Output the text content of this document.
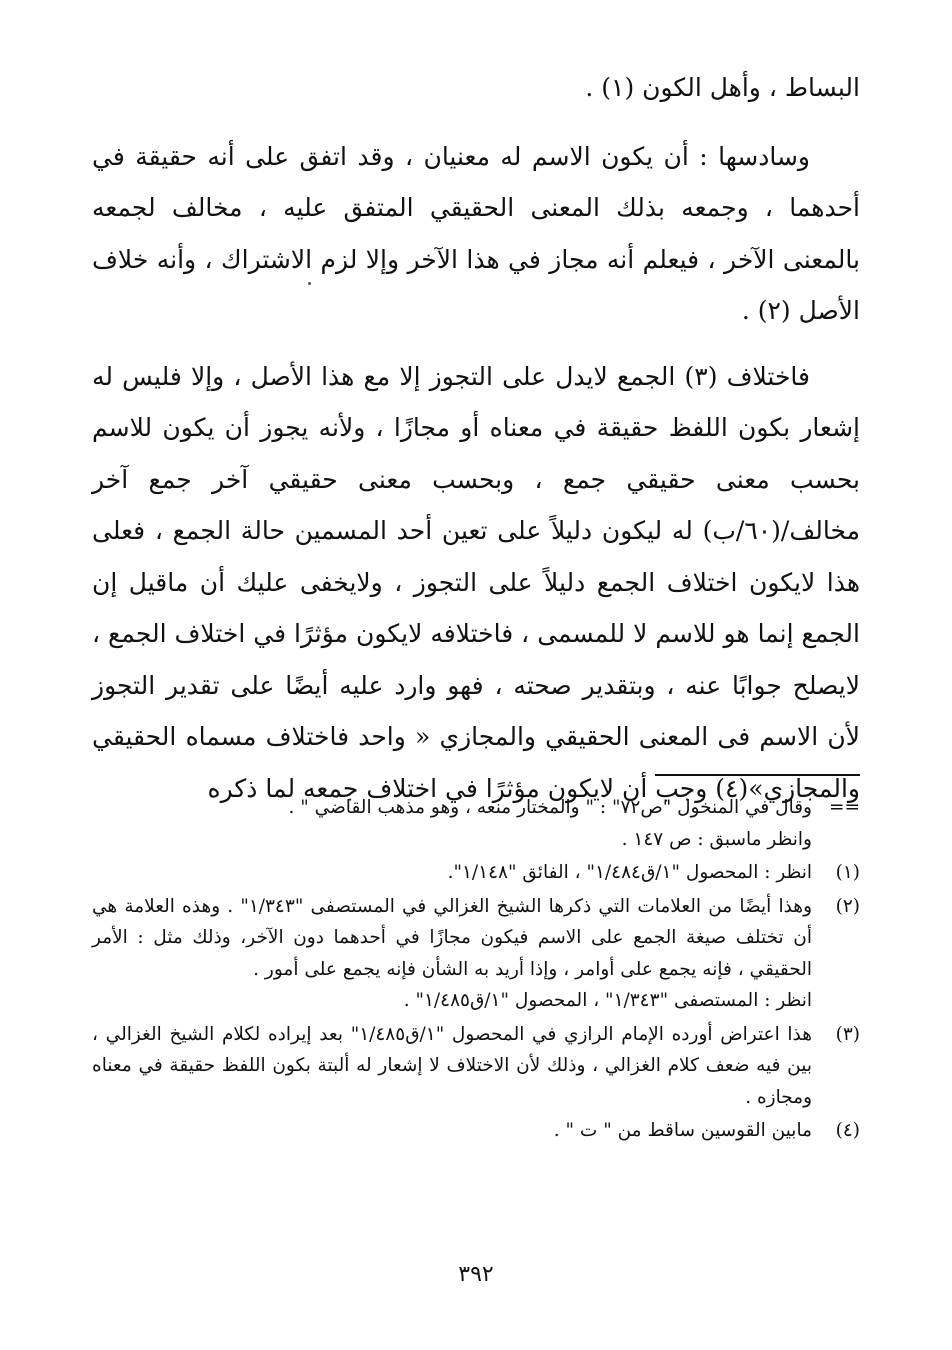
البساط ، وأهل الكون (١) .

وسادسها : أن يكون الاسم له معنيان ، وقد اتفق على أنه حقيقة في أحدهما ، وجمعه بذلك المعنى الحقيقي المتفق عليه ، مخالف لجمعه بالمعنى الآخر ، فيعلم أنه مجاز في هذا الآخر وإلا لزم الاشتراك ، وأنه خلاف الأصل (٢) .

فاختلاف (٣) الجمع لايدل على التجوز إلا مع هذا الأصل ، وإلا فليس له إشعار بكون اللفظ حقيقة في معناه أو مجازًا ، ولأنه يجوز أن يكون للاسم بحسب معنى حقيقي جمع ، وبحسب معنى حقيقي آخر جمع آخر مخالف/(٦٠/ب) له ليكون دليلاً على تعين أحد المسمين حالة الجمع ، فعلى هذا لايكون اختلاف الجمع دليلاً على التجوز ، ولايخفى عليك أن ماقيل إن الجمع إنما هو للاسم لا للمسمى ، فاختلافه لايكون مؤثرًا في اختلاف الجمع ، لايصلح جوابًا عنه ، وبتقدير صحته ، فهو وارد عليه أيضًا على تقدير التجوز لأن الاسم فى المعنى الحقيقي والمجازي « واحد فاختلاف مسماه الحقيقي والمجازي»(٤) وجب أن لايكون مؤثرًا في اختلاف جمعه لما ذكره

==
وقال في المنخول "ص٧٢" : " والمختار منعه ، وهو مذهب القاضي " .
وانظر ماسبق : ص ١٤٧ .
(١)
انظر : المحصول "١/ق١/٤٨٤" ، الفائق "١/١٤٨".
(٢)
وهذا أيضًا من العلامات التي ذكرها الشيخ الغزالي في المستصفى "١/٣٤٣" . وهذه العلامة هي أن تختلف صيغة الجمع على الاسم فيكون مجازًا في أحدهما دون الآخر، وذلك مثل : الأمر الحقيقي ، فإنه يجمع على أوامر ، وإذا أريد به الشأن فإنه يجمع على أمور .
انظر : المستصفى "١/٣٤٣" ، المحصول "١/ق١/٤٨٥" .
(٣)
هذا اعتراض أورده الإمام الرازي في المحصول "١/ق١/٤٨٥" بعد إيراده لكلام الشيخ الغزالي ، بين فيه ضعف كلام الغزالي ، وذلك لأن الاختلاف لا إشعار له ألبتة بكون اللفظ حقيقة في معناه ومجازه .
(٤)
مابين القوسين ساقط من " ت " .
٣٩٢
